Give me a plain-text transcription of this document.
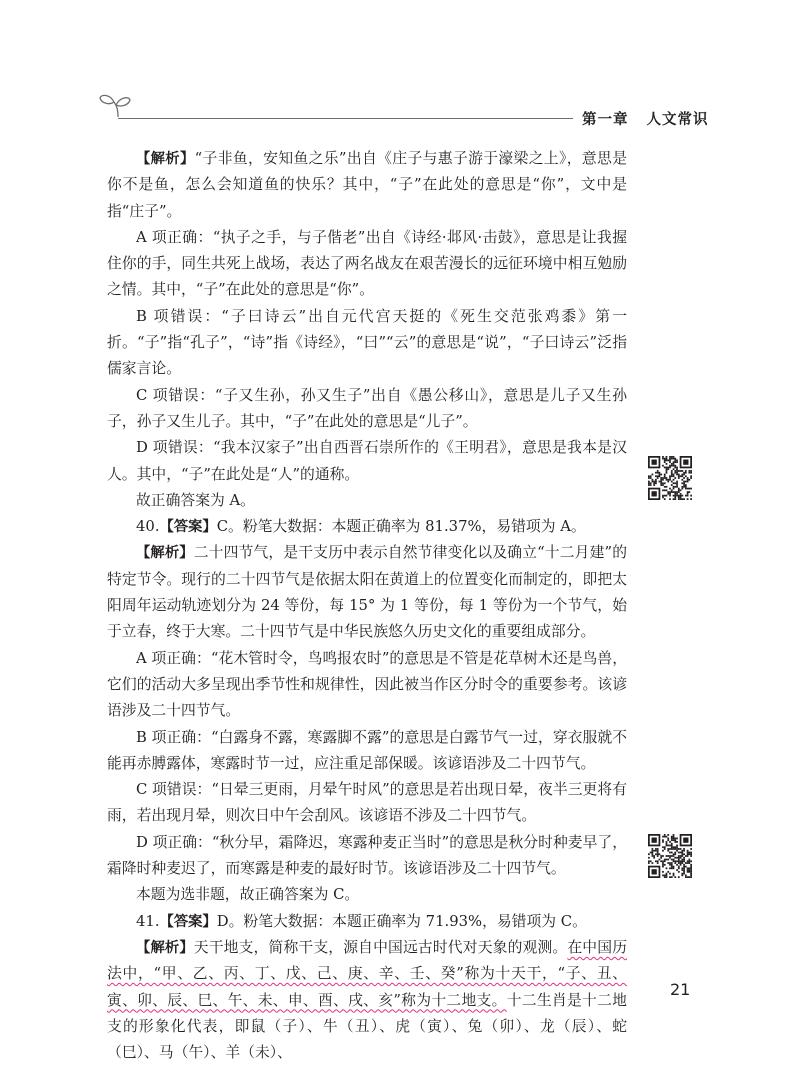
第一章 人文常识

【解析】“子非鱼，安知鱼之乐”出自《庄子与惠子游于濠梁之上》，意思是你不是鱼，怎么会知道鱼的快乐？其中，“子”在此处的意思是“你”，文中是指“庄子”。

A 项正确：“执子之手，与子偕老”出自《诗经·邶风·击鼓》，意思是让我握住你的手，同生共死上战场，表达了两名战友在艰苦漫长的远征环境中相互勉励之情。其中，“子”在此处的意思是“你”。

B 项错误：“子曰诗云”出自元代宫天挺的《死生交范张鸡黍》第一折。“子”指“孔子”，“诗”指《诗经》，“曰”“云”的意思是“说”，“子曰诗云”泛指儒家言论。

C 项错误：“子又生孙，孙又生子”出自《愚公移山》，意思是儿子又生孙子，孙子又生儿子。其中，“子”在此处的意思是“儿子”。

D 项错误：“我本汉家子”出自西晋石崇所作的《王明君》，意思是我本是汉人。其中，“子”在此处是“人”的通称。

故正确答案为 A。

40.【答案】C。粉笔大数据：本题正确率为 81.37%，易错项为 A。

【解析】二十四节气，是干支历中表示自然节律变化以及确立“十二月建”的特定节令。现行的二十四节气是依据太阳在黄道上的位置变化而制定的，即把太阳周年运动轨迹划分为 24 等份，每 15° 为 1 等份，每 1 等份为一个节气，始于立春，终于大寒。二十四节气是中华民族悠久历史文化的重要组成部分。

A 项正确：“花木管时令，鸟鸣报农时”的意思是不管是花草树木还是鸟兽，它们的活动大多呈现出季节性和规律性，因此被当作区分时令的重要参考。该谚语涉及二十四节气。

B 项正确：“白露身不露，寒露脚不露”的意思是白露节气一过，穿衣服就不能再赤膊露体，寒露时节一过，应注重足部保暖。该谚语涉及二十四节气。

C 项错误：“日晕三更雨，月晕午时风”的意思是若出现日晕，夜半三更将有雨，若出现月晕，则次日中午会刮风。该谚语不涉及二十四节气。

D 项正确：“秋分早，霜降迟，寒露种麦正当时”的意思是秋分时种麦早了，霜降时种麦迟了，而寒露是种麦的最好时节。该谚语涉及二十四节气。

本题为选非题，故正确答案为 C。

41.【答案】D。粉笔大数据：本题正确率为 71.93%，易错项为 C。

【解析】天干地支，简称干支，源自中国远古时代对天象的观测。在中国历法中，“甲、乙、丙、丁、戊、己、庚、辛、壬、癸”称为十天干，“子、丑、寅、卯、辰、巳、午、未、申、酉、戌、亥”称为十二地支。十二生肖是十二地支的形象化代表，即鼠（子）、牛（丑）、虎（寅）、兔（卯）、龙（辰）、蛇（巳）、马（午）、羊（未）、

21
